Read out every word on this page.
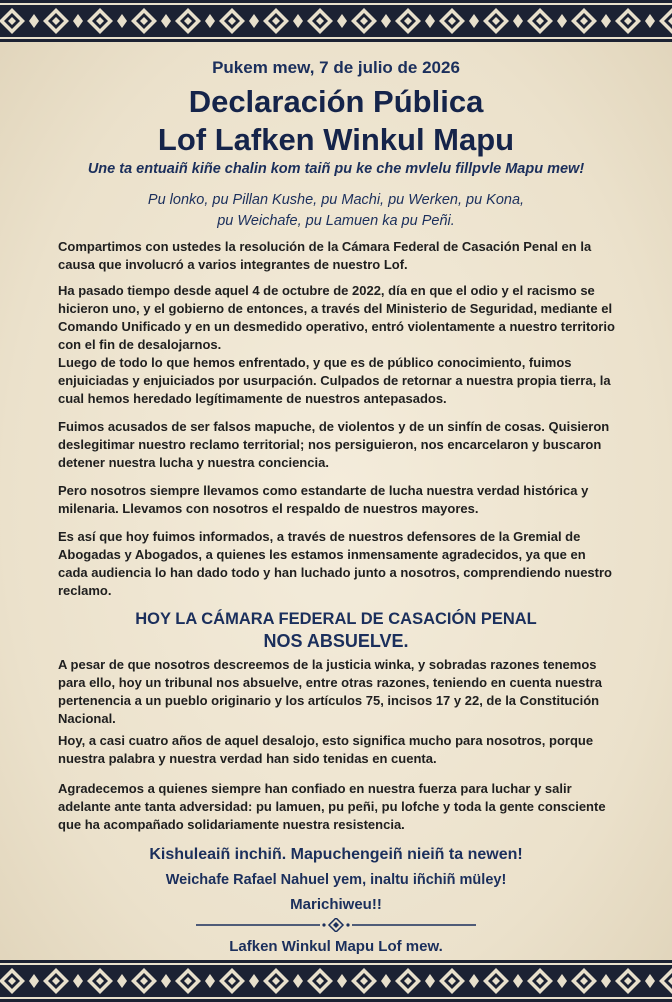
Pukem mew, 7 de julio de 2026
Declaración Pública
Lof Lafken Winkul Mapu
Une ta entuaiñ kiñe chalin kom taiñ pu ke che mvlelu fillpvle Mapu mew!
Pu lonko, pu Pillan Kushe, pu Machi, pu Werken, pu Kona,
pu Weichafe, pu Lamuen ka pu Peñi.

Compartimos con ustedes la resolución de la Cámara Federal de Casación Penal en la causa que involucró a varios integrantes de nuestro Lof.

Ha pasado tiempo desde aquel 4 de octubre de 2022, día en que el odio y el racismo se hicieron uno, y el gobierno de entonces, a través del Ministerio de Seguridad, mediante el Comando Unificado y en un desmedido operativo, entró violentamente a nuestro territorio con el fin de desalojarnos.

Luego de todo lo que hemos enfrentado, y que es de público conocimiento, fuimos enjuiciadas y enjuiciados por usurpación. Culpados de retornar a nuestra propia tierra, la cual hemos heredado legítimamente de nuestros antepasados.

Fuimos acusados de ser falsos mapuche, de violentos y de un sinfín de cosas. Quisieron deslegitimar nuestro reclamo territorial; nos persiguieron, nos encarcelaron y buscaron detener nuestra lucha y nuestra conciencia.

Pero nosotros siempre llevamos como estandarte de lucha nuestra verdad histórica y milenaria. Llevamos con nosotros el respaldo de nuestros mayores.

Es así que hoy fuimos informados, a través de nuestros defensores de la Gremial de Abogadas y Abogados, a quienes les estamos inmensamente agradecidos, ya que en cada audiencia lo han dado todo y han luchado junto a nosotros, comprendiendo nuestro reclamo.

HOY LA CÁMARA FEDERAL DE CASACIÓN PENAL
NOS ABSUELVE.

A pesar de que nosotros descreemos de la justicia winka, y sobradas razones tenemos para ello, hoy un tribunal nos absuelve, entre otras razones, teniendo en cuenta nuestra pertenencia a un pueblo originario y los artículos 75, incisos 17 y 22, de la Constitución Nacional.

Hoy, a casi cuatro años de aquel desalojo, esto significa mucho para nosotros, porque nuestra palabra y nuestra verdad han sido tenidas en cuenta.

Agradecemos a quienes siempre han confiado en nuestra fuerza para luchar y salir adelante ante tanta adversidad: pu lamuen, pu peñi, pu lofche y toda la gente consciente que ha acompañado solidariamente nuestra resistencia.

Kishuleaiñ inchiñ. Mapuchengeiñ nieiñ ta newen!
Weichafe Rafael Nahuel yem, inaltu iñchiñ müley!
Marichiweu!!
Lafken Winkul Mapu Lof mew.
